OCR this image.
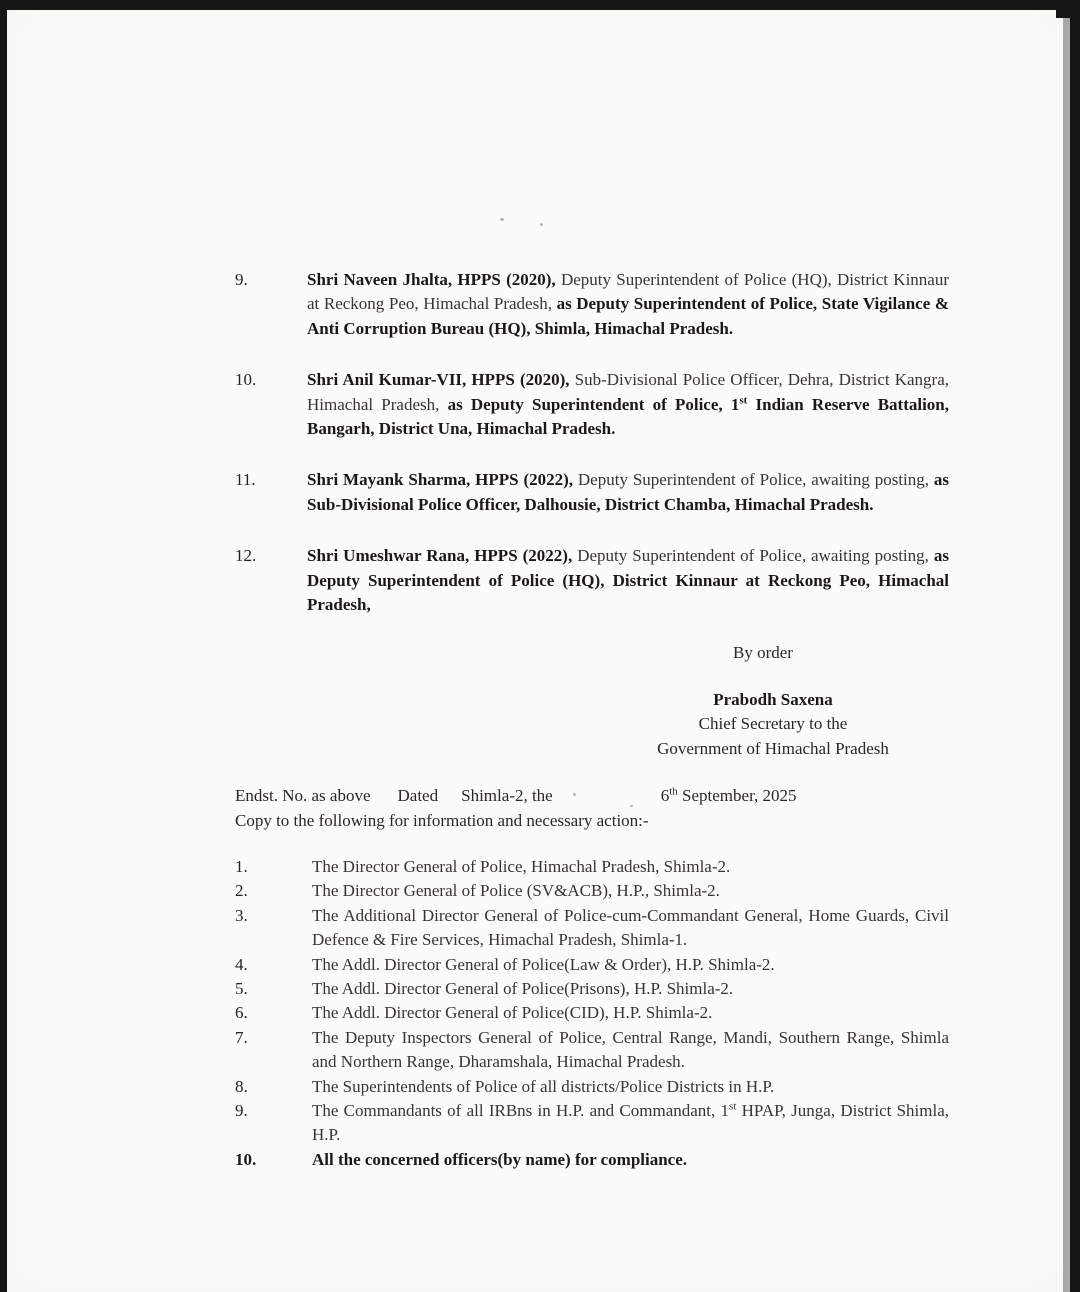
9.	Shri Naveen Jhalta, HPPS (2020), Deputy Superintendent of Police (HQ), District Kinnaur at Reckong Peo, Himachal Pradesh, as Deputy Superintendent of Police, State Vigilance & Anti Corruption Bureau (HQ), Shimla, Himachal Pradesh.
10.	Shri Anil Kumar-VII, HPPS (2020), Sub-Divisional Police Officer, Dehra, District Kangra, Himachal Pradesh, as Deputy Superintendent of Police, 1st Indian Reserve Battalion, Bangarh, District Una, Himachal Pradesh.
11.	Shri Mayank Sharma, HPPS (2022), Deputy Superintendent of Police, awaiting posting, as Sub-Divisional Police Officer, Dalhousie, District Chamba, Himachal Pradesh.
12.	Shri Umeshwar Rana, HPPS (2022), Deputy Superintendent of Police, awaiting posting, as Deputy Superintendent of Police (HQ), District Kinnaur at Reckong Peo, Himachal Pradesh,
By order
Prabodh Saxena
Chief Secretary to the
Government of Himachal Pradesh
Endst. No. as above Dated Shimla-2, the	6th September, 2025
Copy to the following for information and necessary action:-
1.	The Director General of Police, Himachal Pradesh, Shimla-2.
2.	The Director General of Police (SV&ACB), H.P., Shimla-2.
3.	The Additional Director General of Police-cum-Commandant General, Home Guards, Civil Defence & Fire Services, Himachal Pradesh, Shimla-1.
4.	The Addl. Director General of Police(Law & Order), H.P. Shimla-2.
5.	The Addl. Director General of Police(Prisons), H.P. Shimla-2.
6.	The Addl. Director General of Police(CID), H.P. Shimla-2.
7.	The Deputy Inspectors General of Police, Central Range, Mandi, Southern Range, Shimla and Northern Range, Dharamshala, Himachal Pradesh.
8.	The Superintendents of Police of all districts/Police Districts in H.P.
9.	The Commandants of all IRBns in H.P. and Commandant, 1st HPAP, Junga, District Shimla, H.P.
10.	All the concerned officers(by name) for compliance.
